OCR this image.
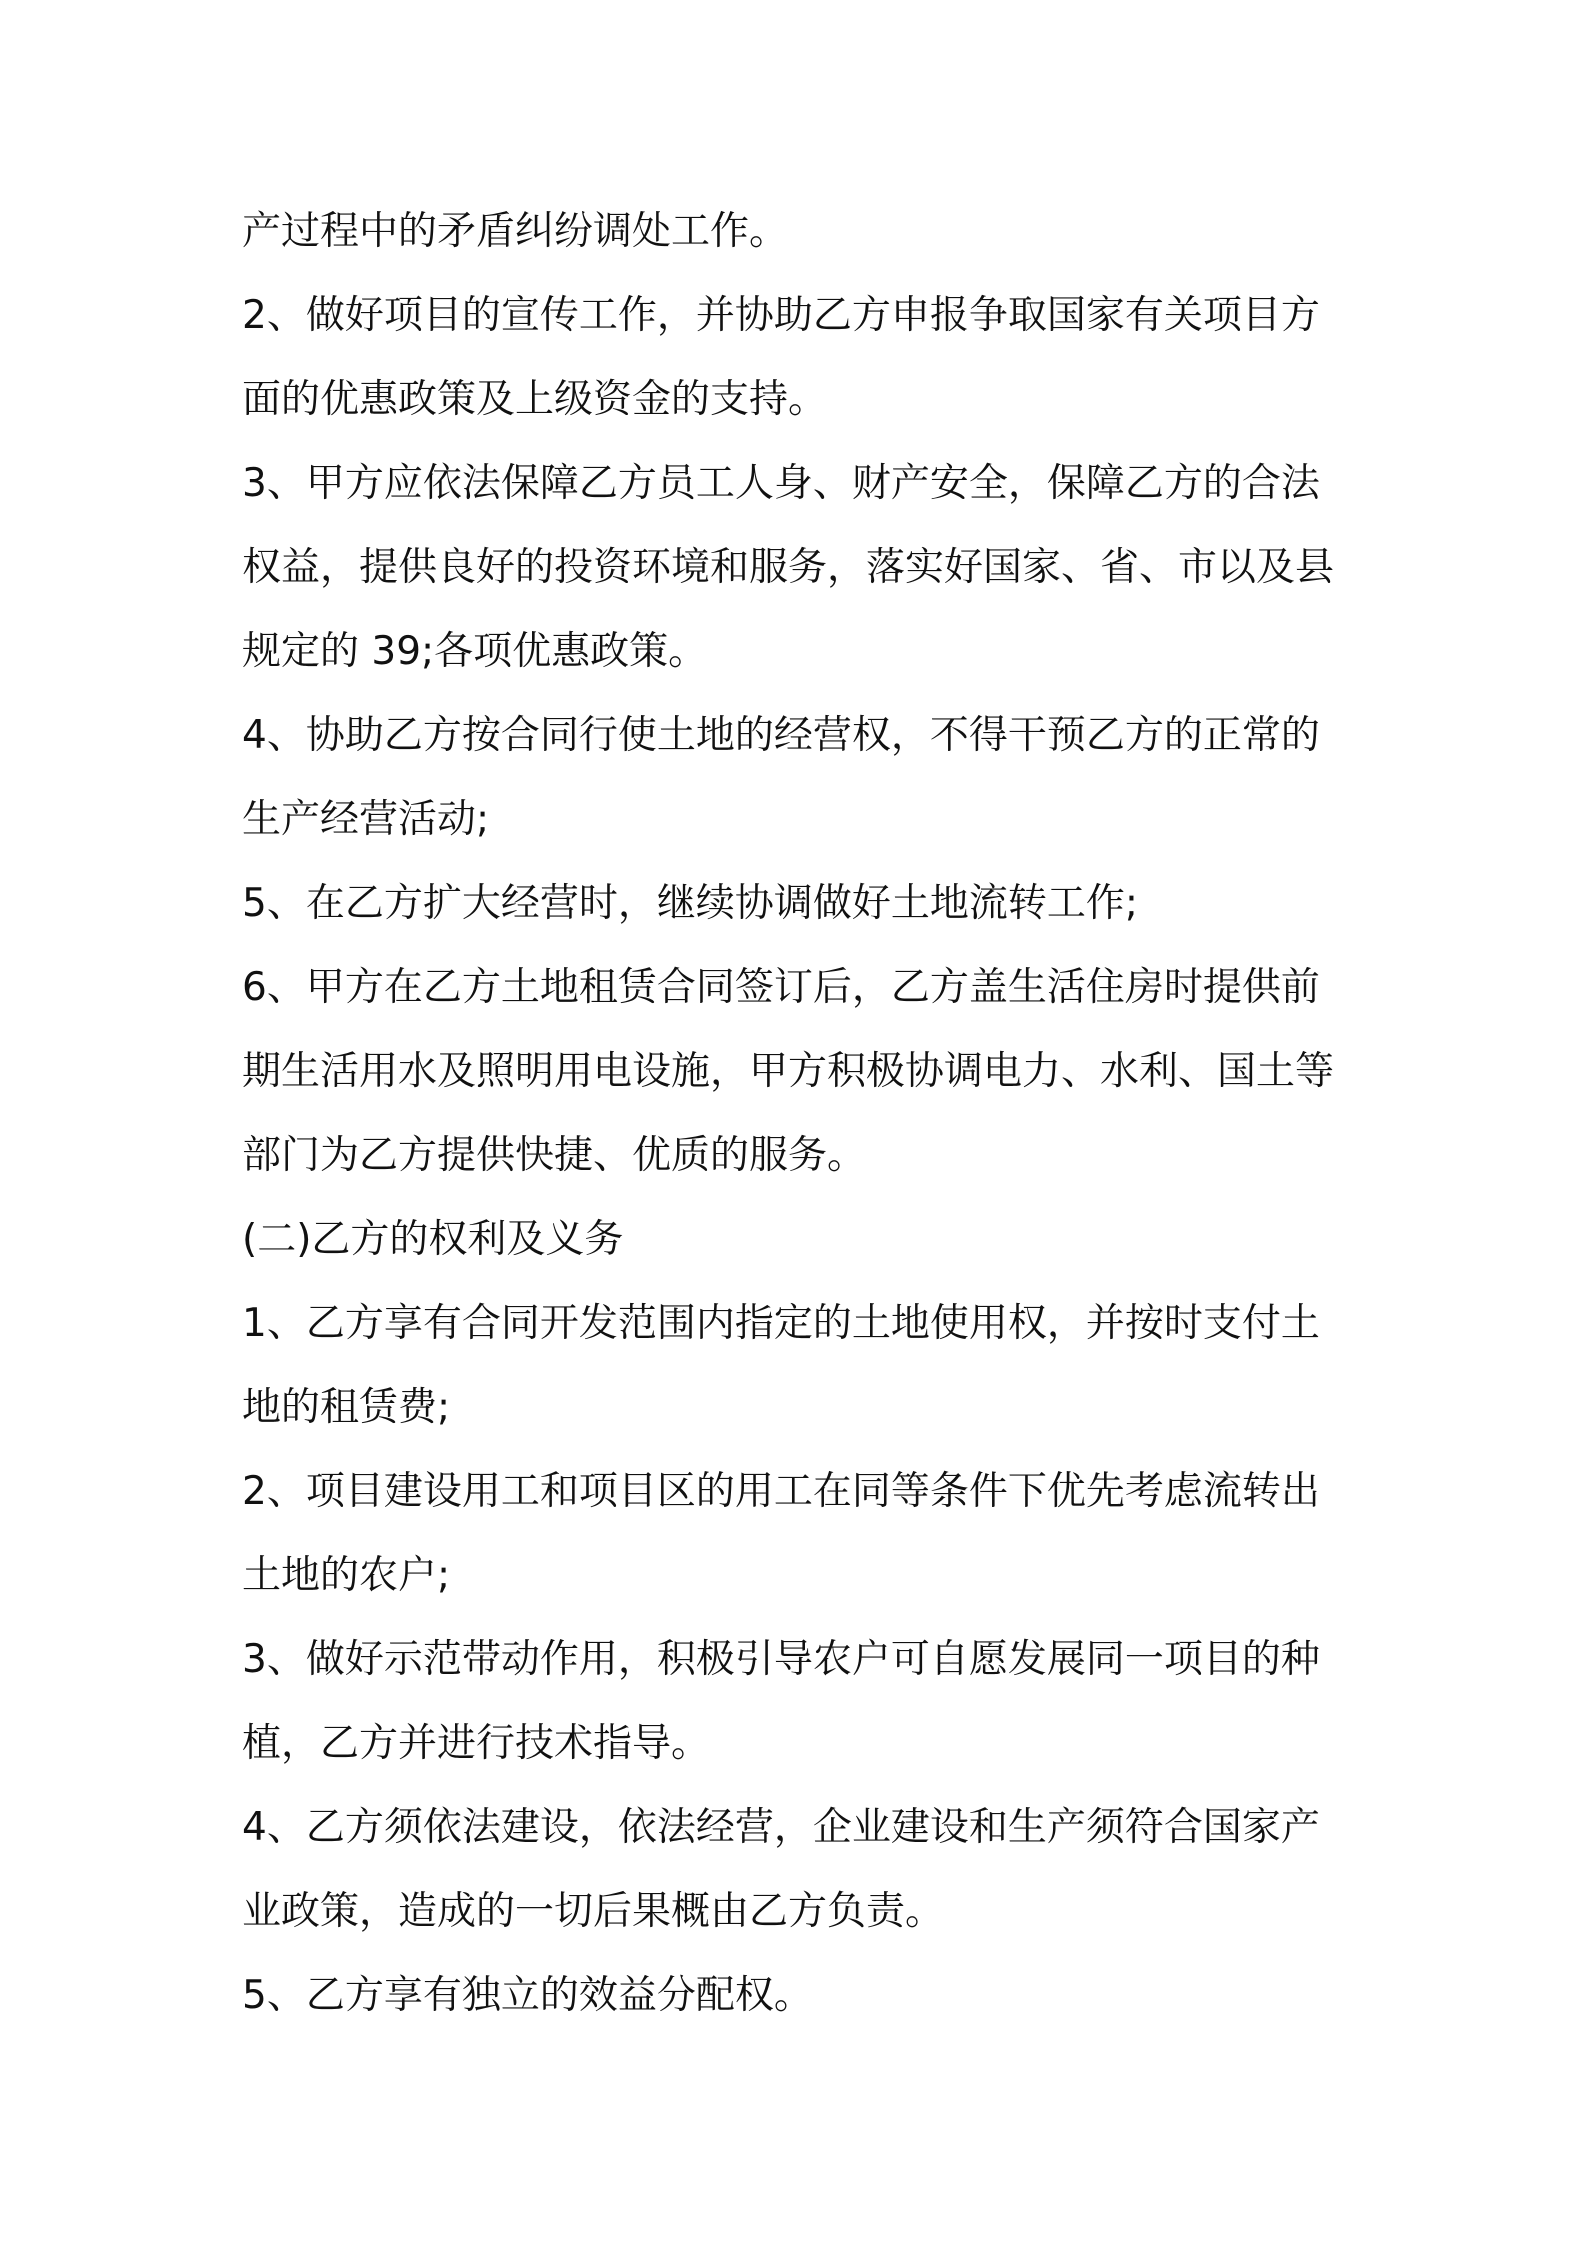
产过程中的矛盾纠纷调处工作。
2、做好项目的宣传工作，并协助乙方申报争取国家有关项目方
面的优惠政策及上级资金的支持。
3、甲方应依法保障乙方员工人身、财产安全，保障乙方的合法
权益，提供良好的投资环境和服务，落实好国家、省、市以及县
规定的 39;各项优惠政策。
4、协助乙方按合同行使土地的经营权，不得干预乙方的正常的
生产经营活动;
5、在乙方扩大经营时，继续协调做好土地流转工作;
6、甲方在乙方土地租赁合同签订后，乙方盖生活住房时提供前
期生活用水及照明用电设施，甲方积极协调电力、水利、国土等
部门为乙方提供快捷、优质的服务。
(二)乙方的权利及义务
1、乙方享有合同开发范围内指定的土地使用权，并按时支付土
地的租赁费;
2、项目建设用工和项目区的用工在同等条件下优先考虑流转出
土地的农户;
3、做好示范带动作用，积极引导农户可自愿发展同一项目的种
植，乙方并进行技术指导。
4、乙方须依法建设，依法经营，企业建设和生产须符合国家产
业政策，造成的一切后果概由乙方负责。
5、乙方享有独立的效益分配权。
